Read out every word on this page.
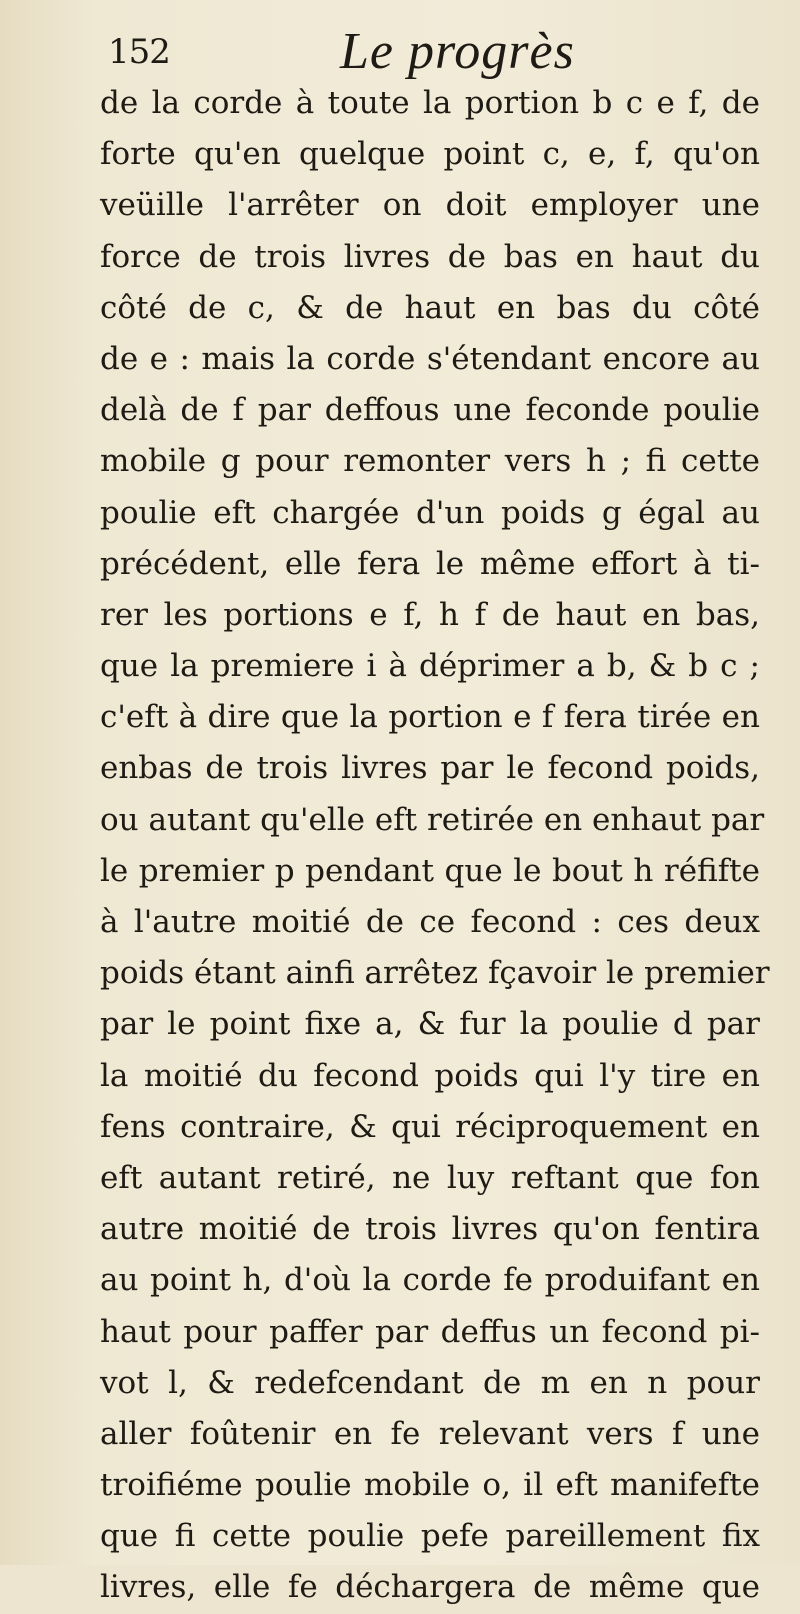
152	Le progrès
de la corde à toute la portion b c e f, de
forte qu'en quelque point c, e, f, qu'on
veüille l'arrêter on doit employer une
force de trois livres de bas en haut du
côté de c, & de haut en bas du côté
de e : mais la corde s'étendant encore au
delà de f par deffous une feconde poulie
mobile g pour remonter vers h ; fi cette
poulie eft chargée d'un poids g égal au
précédent, elle fera le même effort à ti-
rer les portions e f, h f de haut en bas,
que la premiere i à déprimer a b, & b c ;
c'eft à dire que la portion e f fera tirée en
enbas de trois livres par le fecond poids,
ou autant qu'elle eft retirée en enhaut par
le premier p pendant que le bout h réfifte
à l'autre moitié de ce fecond : ces deux
poids étant ainfi arrêtez fçavoir le premier
par le point fixe a, & fur la poulie d par
la moitié du fecond poids qui l'y tire en
fens contraire, & qui réciproquement en
eft autant retiré, ne luy reftant que fon
autre moitié de trois livres qu'on fentira
au point h, d'où la corde fe produifant en
haut pour paffer par deffus un fecond pi-
vot l, & redefcendant de m en n pour
aller foûtenir en fe relevant vers f une
troifiéme poulie mobile o, il eft manifefte
que fi cette poulie pefe pareillement fix
livres, elle fe déchargera de même que
